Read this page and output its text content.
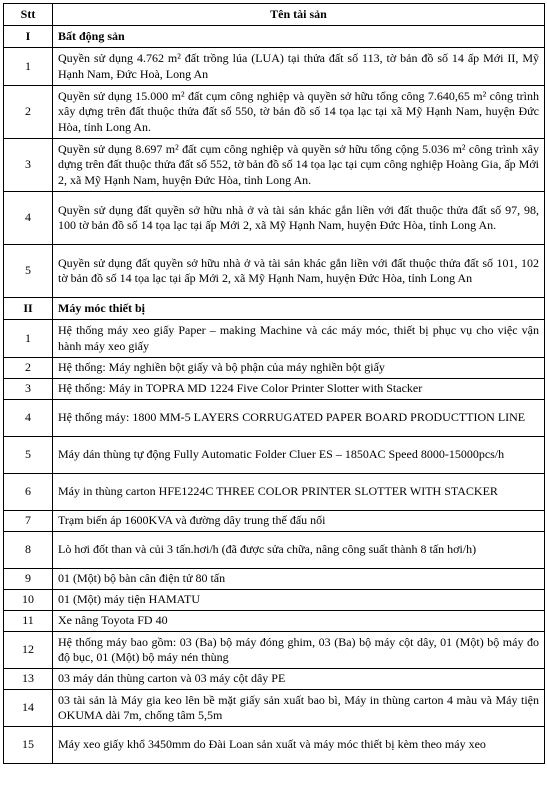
Stt	Tên tài sản
I	Bất động sản
1	Quyền sử dụng 4.762 m² đất trồng lúa (LUA) tại thửa đất số 113, tờ bản đồ số 14 ấp Mới II, Mỹ Hạnh Nam, Đức Hoà, Long An
2	Quyền sử dụng 15.000 m² đất cụm công nghiệp và quyền sở hữu tổng công 7.640,65 m² công trình xây dựng trên đất thuộc thửa đất số 550, tờ bản đồ số 14 tọa lạc tại xã Mỹ Hạnh Nam, huyện Đức Hòa, tỉnh Long An.
3	Quyền sử dụng 8.697 m² đất cụm công nghiệp và quyền sở hữu tổng cộng 5.036 m² công trình xây dựng trên đất thuộc thửa đất số 552, tờ bản đồ số 14 tọa lạc tại cụm công nghiệp Hoàng Gia, ấp Mới 2, xã Mỹ Hạnh Nam, huyện Đức Hòa, tỉnh Long An.
4	Quyền sử dụng đất quyền sở hữu nhà ở và tài sản khác gắn liền với đất thuộc thửa đất số 97, 98, 100 tờ bản đồ số 14 tọa lạc tại ấp Mới 2, xã Mỹ Hạnh Nam, huyện Đức Hòa, tỉnh Long An.
5	Quyền sử dụng đất quyền sở hữu nhà ở và tài sản khác gắn liền với đất thuộc thửa đất số 101, 102 tờ bản đồ số 14 tọa lạc tại ấp Mới 2, xã Mỹ Hạnh Nam, huyện Đức Hòa, tỉnh Long An
II	Máy móc thiết bị
1	Hệ thống máy xeo giấy Paper – making Machine và các máy móc, thiết bị phục vụ cho việc vận hành máy xeo giấy
2	Hệ thống: Máy nghiền bột giấy và bộ phận của máy nghiền bột giấy
3	Hệ thống: Máy in TOPRA MD 1224 Five Color Printer Slotter with Stacker
4	Hệ thống máy: 1800 MM-5 LAYERS CORRUGATED PAPER BOARD PRODUCTTION LINE
5	Máy dán thùng tự động Fully Automatic Folder Cluer ES – 1850AC Speed 8000-15000pcs/h
6	Máy in thùng carton HFE1224C THREE COLOR PRINTER SLOTTER WITH STACKER
7	Trạm biến áp 1600KVA và đường dây trung thế đấu nối
8	Lò hơi đốt than và củi 3 tấn.hơi/h (đã được sửa chữa, nâng công suất thành 8 tấn hơi/h)
9	01 (Một) bộ bàn cân điện tử 80 tấn
10	01 (Một) máy tiện HAMATU
11	Xe nâng Toyota FD 40
12	Hệ thống máy bao gồm: 03 (Ba) bộ máy đóng ghim, 03 (Ba) bộ máy cột dây, 01 (Một) bộ máy đo độ bục, 01 (Một) bộ máy nén thùng
13	03 máy dán thùng carton và 03 máy cột dây PE
14	03 tài sản là Máy gia keo lên bề mặt giấy sản xuất bao bì, Máy in thùng carton 4 màu và Máy tiện OKUMA dài 7m, chống tâm 5,5m
15	Máy xeo giấy khổ 3450mm do Đài Loan sản xuất và máy móc thiết bị kèm theo máy xeo
